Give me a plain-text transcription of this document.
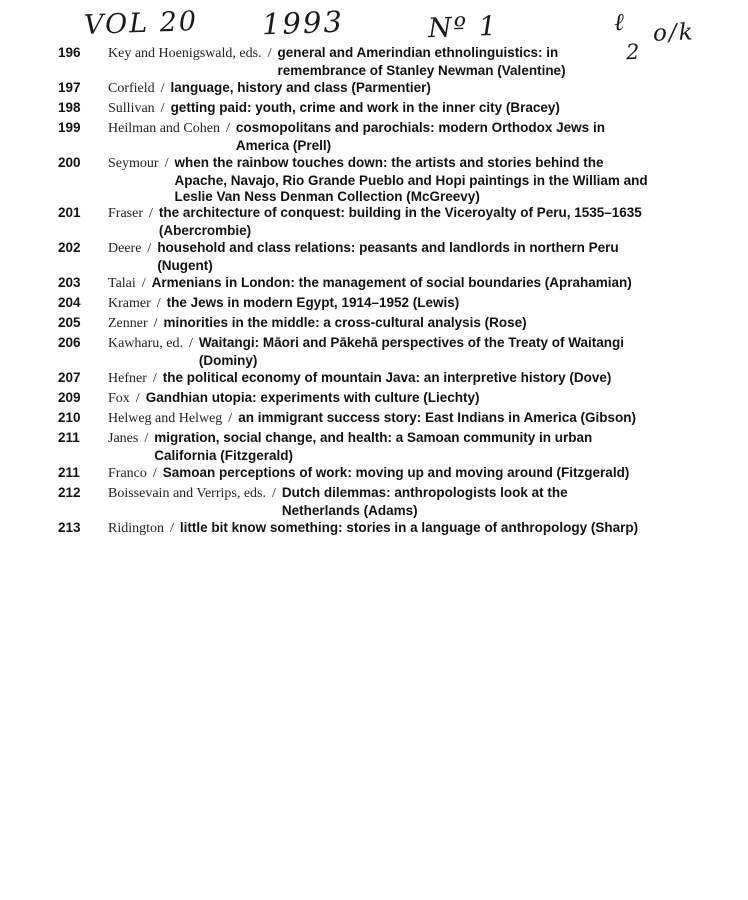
VOL 20 1993	Nº 1	ℓ
2
o/k
196 Key and Hoenigswald, eds. / general and Amerindian ethnolinguistics: in
remembrance of Stanley Newman (Valentine)
197 Corfield / language, history and class (Parmentier)
198 Sullivan / getting paid: youth, crime and work in the inner city (Bracey)
199 Heilman and Cohen / cosmopolitans and parochials: modern Orthodox Jews in
America (Prell)
200 Seymour / when the rainbow touches down: the artists and stories behind the
Apache, Navajo, Rio Grande Pueblo and Hopi paintings in the William and
Leslie Van Ness Denman Collection (McGreevy)
201 Fraser / the architecture of conquest: building in the Viceroyalty of Peru, 1535–1635
(Abercrombie)
202 Deere / household and class relations: peasants and landlords in northern Peru
(Nugent)
203 Talai / Armenians in London: the management of social boundaries (Aprahamian)
204 Kramer / the Jews in modern Egypt, 1914–1952 (Lewis)
205 Zenner / minorities in the middle: a cross-cultural analysis (Rose)
206 Kawharu, ed. / Waitangi: Māori and Pākehā perspectives of the Treaty of Waitangi
(Dominy)
207 Hefner / the political economy of mountain Java: an interpretive history (Dove)
209 Fox / Gandhian utopia: experiments with culture (Liechty)
210 Helweg and Helweg / an immigrant success story: East Indians in America (Gibson)
211 Janes / migration, social change, and health: a Samoan community in urban
California (Fitzgerald)
211 Franco / Samoan perceptions of work: moving up and moving around (Fitzgerald)
212 Boissevain and Verrips, eds. / Dutch dilemmas: anthropologists look at the
Netherlands (Adams)
213 Ridington / little bit know something: stories in a language of anthropology (Sharp)
